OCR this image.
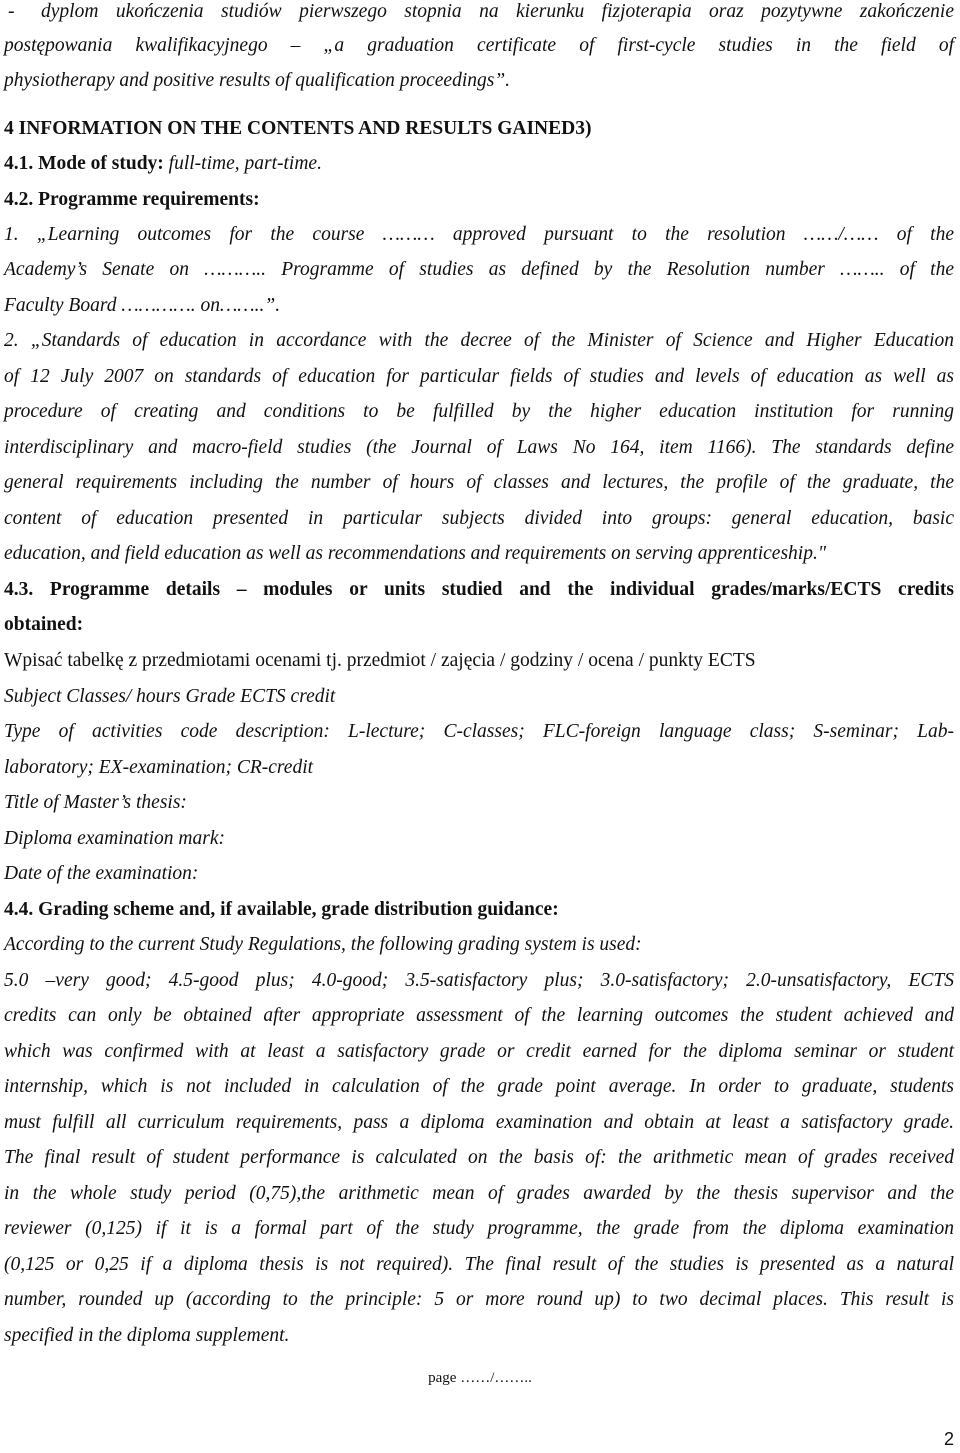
- dyplom ukończenia studiów pierwszego stopnia na kierunku fizjoterapia oraz pozytywne zakończenie
postępowania kwalifikacyjnego – „a graduation certificate of first-cycle studies in the field of
physiotherapy and positive results of qualification proceedings”.
4 INFORMATION ON THE CONTENTS AND RESULTS GAINED3)
4.1. Mode of study: full-time, part-time.
4.2. Programme requirements:
1. „Learning outcomes for the course ……… approved pursuant to the resolution ……/…… of the
Academy’s Senate on ……….. Programme of studies as defined by the Resolution number …….. of the
Faculty Board …………. on……..”.
2. „Standards of education in accordance with the decree of the Minister of Science and Higher Education
of 12 July 2007 on standards of education for particular fields of studies and levels of education as well as
procedure of creating and conditions to be fulfilled by the higher education institution for running
interdisciplinary and macro-field studies (the Journal of Laws No 164, item 1166). The standards define
general requirements including the number of hours of classes and lectures, the profile of the graduate, the
content of education presented in particular subjects divided into groups: general education, basic
education, and field education as well as recommendations and requirements on serving apprenticeship."
4.3. Programme details – modules or units studied and the individual grades/marks/ECTS credits
obtained:
Wpisać tabelkę z przedmiotami ocenami tj. przedmiot / zajęcia / godziny / ocena / punkty ECTS
Subject Classes/ hours Grade ECTS credit
Type of activities code description: L-lecture; C-classes; FLC-foreign language class; S-seminar; Lab-
laboratory; EX-examination; CR-credit
Title of Master’s thesis:
Diploma examination mark:
Date of the examination:
4.4. Grading scheme and, if available, grade distribution guidance:
According to the current Study Regulations, the following grading system is used:
5.0 –very good; 4.5-good plus; 4.0-good; 3.5-satisfactory plus; 3.0-satisfactory; 2.0-unsatisfactory, ECTS
credits can only be obtained after appropriate assessment of the learning outcomes the student achieved and
which was confirmed with at least a satisfactory grade or credit earned for the diploma seminar or student
internship, which is not included in calculation of the grade point average. In order to graduate, students
must fulfill all curriculum requirements, pass a diploma examination and obtain at least a satisfactory grade.
The final result of student performance is calculated on the basis of: the arithmetic mean of grades received
in the whole study period (0,75),the arithmetic mean of grades awarded by the thesis supervisor and the
reviewer (0,125) if it is a formal part of the study programme, the grade from the diploma examination
(0,125 or 0,25 if a diploma thesis is not required). The final result of the studies is presented as a natural
number, rounded up (according to the principle: 5 or more round up) to two decimal places. This result is
specified in the diploma supplement.
page ……/……..
2
